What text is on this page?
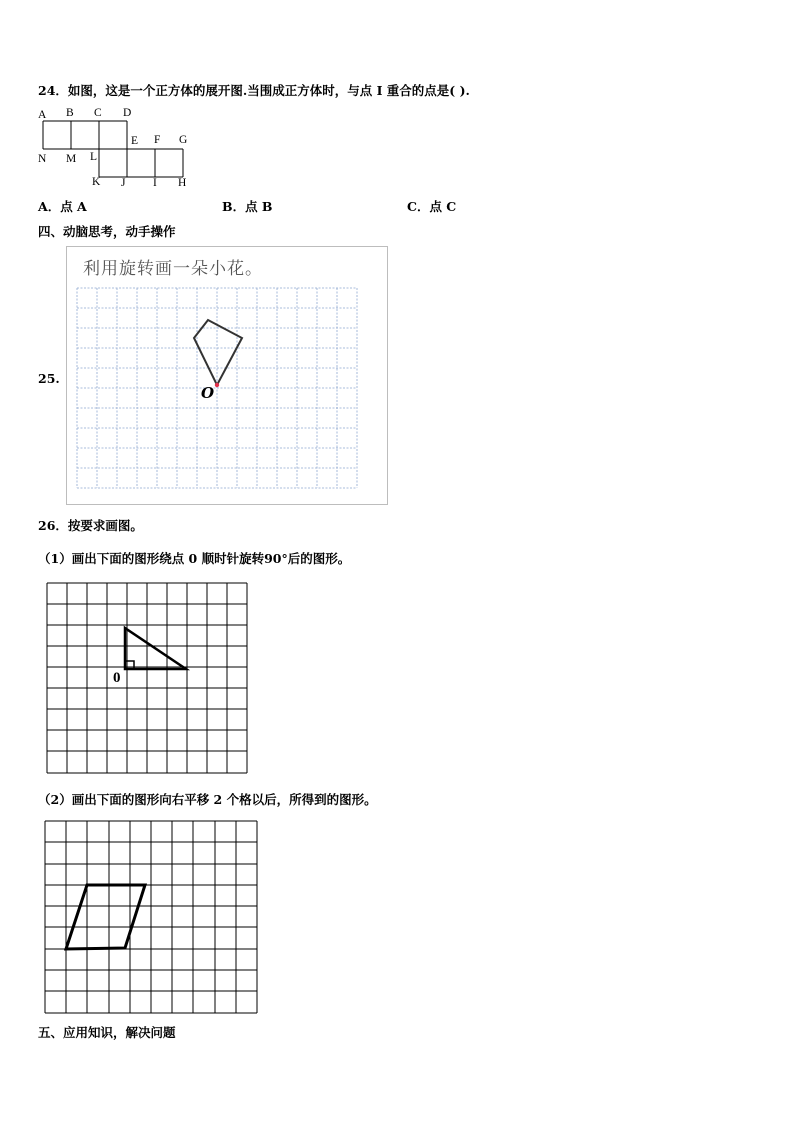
24．如图，这是一个正方体的展开图.当围成正方体时，与点 I 重合的点是( ).
A B C D
E F G
N M L
K J I H
A．点 A	B．点 B	C．点 C
四、动脑思考，动手操作
25.
利用旋转画一朵小花。
O
26．按要求画图。
（1）画出下面的图形绕点 0 顺时针旋转90°后的图形。
0
（2）画出下面的图形向右平移 2 个格以后，所得到的图形。
五、应用知识，解决问题
